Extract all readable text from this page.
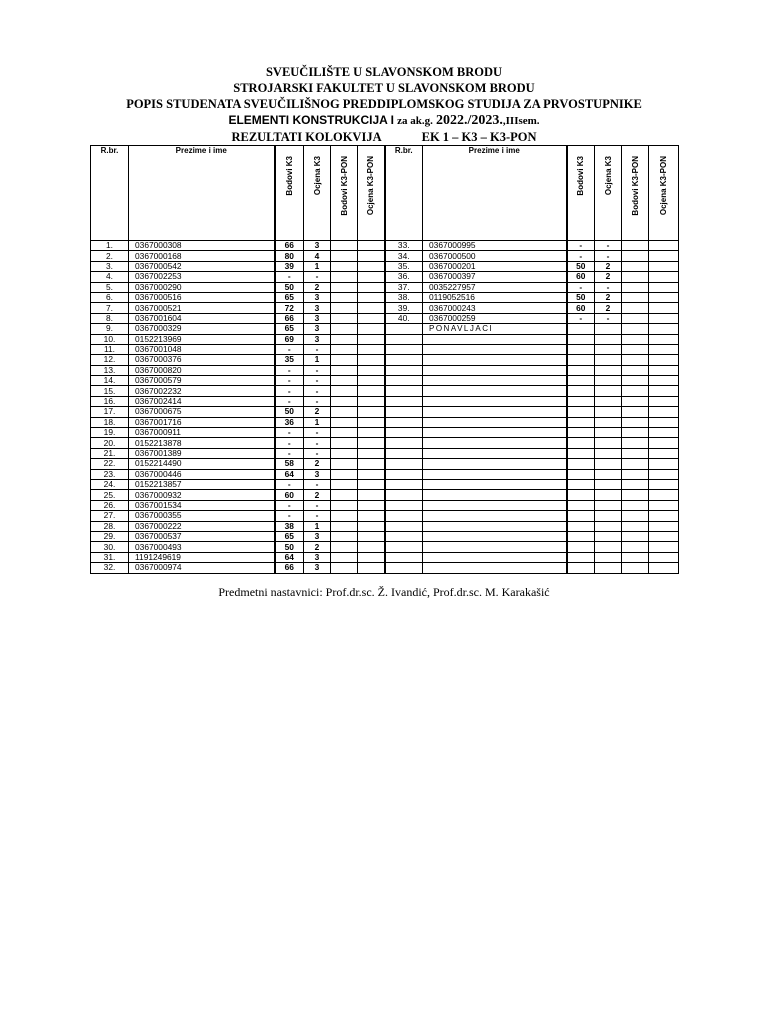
SVEUČILIŠTE U SLAVONSKOM BRODU
STROJARSKI FAKULTET U SLAVONSKOM BRODU
POPIS STUDENATA SVEUČILIŠNOG PREDDIPLOMSKOG STUDIJA ZA PRVOSTUPNIKE
ELEMENTI KONSTRUKCIJA I za ak.g. 2022./2023.,IIIsem.
REZULTATI KOLOKVIJA	EK 1 – K3 – K3-PON
R.br.	Prezime i ime	Bodovi K3	Ocjena K3	Bodovi K3-PON	Ocjena K3-PON	R.br.	Prezime i ime	Bodovi K3	Ocjena K3	Bodovi K3-PON	Ocjena K3-PON
1.	0367000308	66	3			33.	0367000995	-	-		
2.	0367000168	80	4			34.	0367000500	-	-		
3.	0367000542	39	1			35.	0367000201	50	2		
4.	0367002253	-	-			36.	0367000397	60	2		
5.	0367000290	50	2			37.	0035227957	-	-		
6.	0367000516	65	3			38.	0119052516	50	2		
7.	0367000521	72	3			39.	0367000243	60	2		
8.	0367001604	66	3			40.	0367000259	-	-		
9.	0367000329	65	3				PONAVLJACI				
10.	0152213969	69	3								
11.	0367001048	-	-								
12.	0367000376	35	1								
13.	0367000820	-	-								
14.	0367000579	-	-								
15.	0367002232	-	-								
16.	0367002414	-	-								
17.	0367000675	50	2								
18.	0367001716	36	1								
19.	0367000911	-	-								
20.	0152213878	-	-								
21.	0367001389	-	-								
22.	0152214490	58	2								
23.	0367000446	64	3								
24.	0152213857	-	-								
25.	0367000932	60	2								
26.	0367001534	-	-								
27.	0367000355	-	-								
28.	0367000222	38	1								
29.	0367000537	65	3								
30.	0367000493	50	2								
31.	1191249619	64	3								
32.	0367000974	66	3								
Predmetni nastavnici: Prof.dr.sc. Ž. Ivandić, Prof.dr.sc. M. Karakašić
